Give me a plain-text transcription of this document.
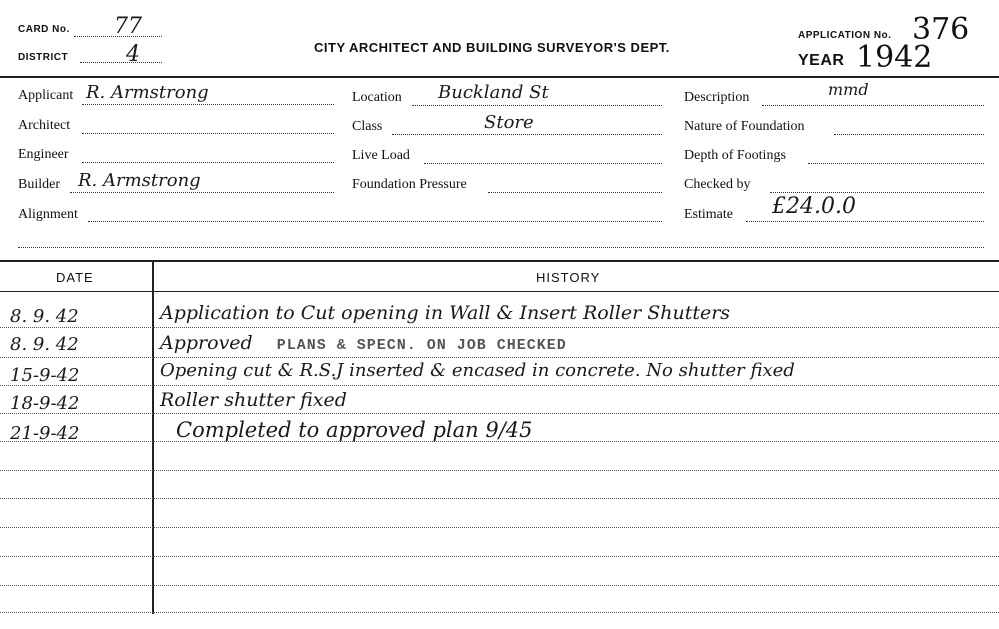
CARD No. 77
DISTRICT	4	CITY ARCHITECT AND BUILDING SURVEYOR'S DEPT.
APPLICATION No. 376
YEAR 1942
Applicant R. Armstrong
Architect
Engineer
Builder R. Armstrong
Alignment
Location Buckland St
Class	Store
Live Load
Foundation Pressure
Description	mmd
Nature of Foundation
Depth of Footings
Checked by
Estimate £24.0.0
DATE	HISTORY
8. 9. 42	Application to Cut opening in Wall & Insert Roller Shutters
8. 9. 42	Approved PLANS & SPECN. ON JOB CHECKED
15-9-42	Opening cut & R.S.J inserted & encased in concrete. No shutter fixed
18-9-42	Roller shutter fixed
21-9-42	Completed to approved plan 9/45
